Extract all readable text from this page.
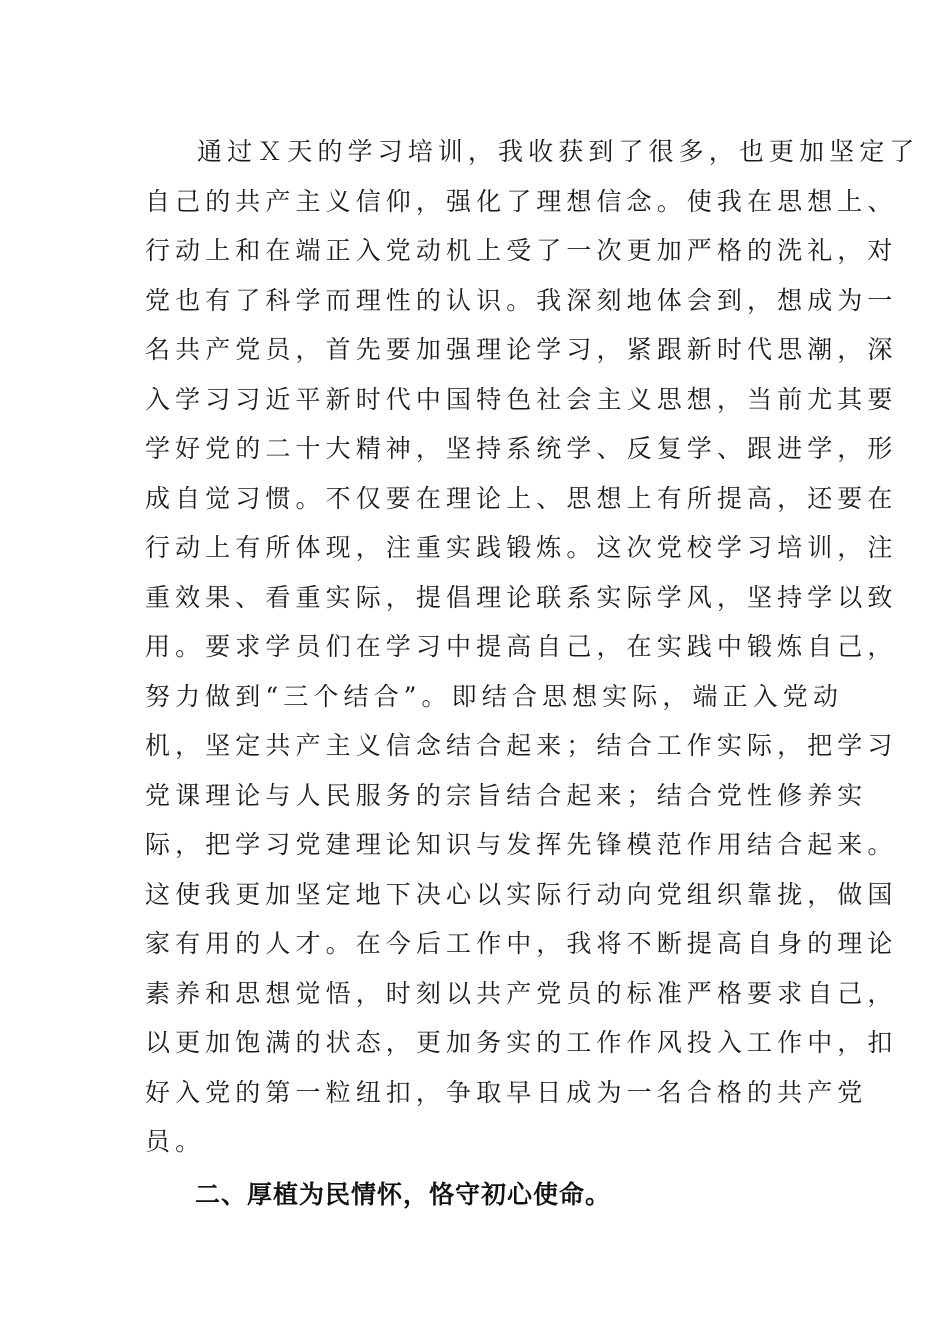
通过Ｘ天的学习培训，我收获到了很多，也更加坚定了
自己的共产主义信仰，强化了理想信念。使我在思想上、
行动上和在端正入党动机上受了一次更加严格的洗礼，对
党也有了科学而理性的认识。我深刻地体会到，想成为一
名共产党员，首先要加强理论学习，紧跟新时代思潮，深
入学习习近平新时代中国特色社会主义思想，当前尤其要
学好党的二十大精神，坚持系统学、反复学、跟进学，形
成自觉习惯。不仅要在理论上、思想上有所提高，还要在
行动上有所体现，注重实践锻炼。这次党校学习培训，注
重效果、看重实际，提倡理论联系实际学风，坚持学以致
用。要求学员们在学习中提高自己，在实践中锻炼自己，
努力做到“三个结合”。即结合思想实际，端正入党动
机，坚定共产主义信念结合起来；结合工作实际，把学习
党课理论与人民服务的宗旨结合起来；结合党性修养实
际，把学习党建理论知识与发挥先锋模范作用结合起来。
这使我更加坚定地下决心以实际行动向党组织靠拢，做国
家有用的人才。在今后工作中，我将不断提高自身的理论
素养和思想觉悟，时刻以共产党员的标准严格要求自己，
以更加饱满的状态，更加务实的工作作风投入工作中，扣
好入党的第一粒纽扣，争取早日成为一名合格的共产党
员。
二、厚植为民情怀，恪守初心使命。
